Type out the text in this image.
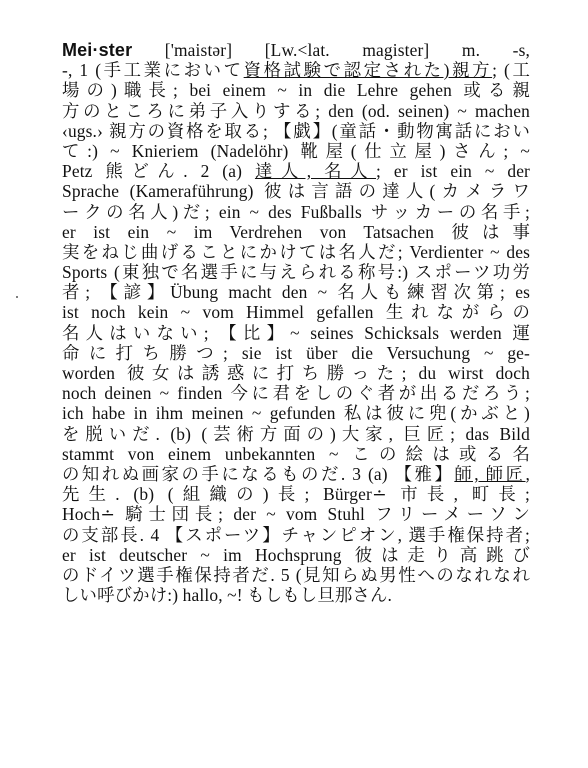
Mei·ster ['maistər] [Lw.<lat. magister] m. -s,
-, 1 (手工業において資格試験で認定された)親方; (工
場の)職長; bei einem ~ in die Lehre gehen 或る親
方のところに弟子入りする; den (od. seinen) ~ machen
‹ugs.› 親方の資格を取る; 【戯】(童話・動物寓話におい
て:) ~ Knieriem (Nadelöhr) 靴屋(仕立屋)さん; ~
Petz 熊どん. 2 (a) 達人, 名人; er ist ein ~ der
Sprache (Kameraführung) 彼は言語の達人(カメラワ
ークの名人)だ; ein ~ des Fußballs サッカーの名手;
er ist ein ~ im Verdrehen von Tatsachen 彼は事
実をねじ曲げることにかけては名人だ; Verdienter ~ des
Sports (東独で名選手に与えられる称号:) スポーツ功労
者; 【諺】Übung macht den ~ 名人も練習次第; es
ist noch kein ~ vom Himmel gefallen 生れながらの
名人はいない; 【比】~ seines Schicksals werden 運
命に打ち勝つ; sie ist über die Versuchung ~ ge-
worden 彼女は誘惑に打ち勝った; du wirst doch
noch deinen ~ finden 今に君をしのぐ者が出るだろう;
ich habe in ihm meinen ~ gefunden 私は彼に兜(かぶと)
を脱いだ. (b) (芸術方面の)大家, 巨匠; das Bild
stammt von einem unbekannten ~ この絵は或る名
の知れぬ画家の手になるものだ. 3 (a) 【雅】師, 師匠,
先生. (b) (組織の)長; Bürger∸ 市長, 町長;
Hoch∸ 騎士団長; der ~ vom Stuhl フリーメーソン
の支部長. 4 【スポーツ】チャンピオン, 選手権保持者;
er ist deutscher ~ im Hochsprung 彼は走り高跳び
のドイツ選手権保持者だ. 5 (見知らぬ男性へのなれなれ
しい呼びかけ:) hallo, ~! もしもし旦那さん.
